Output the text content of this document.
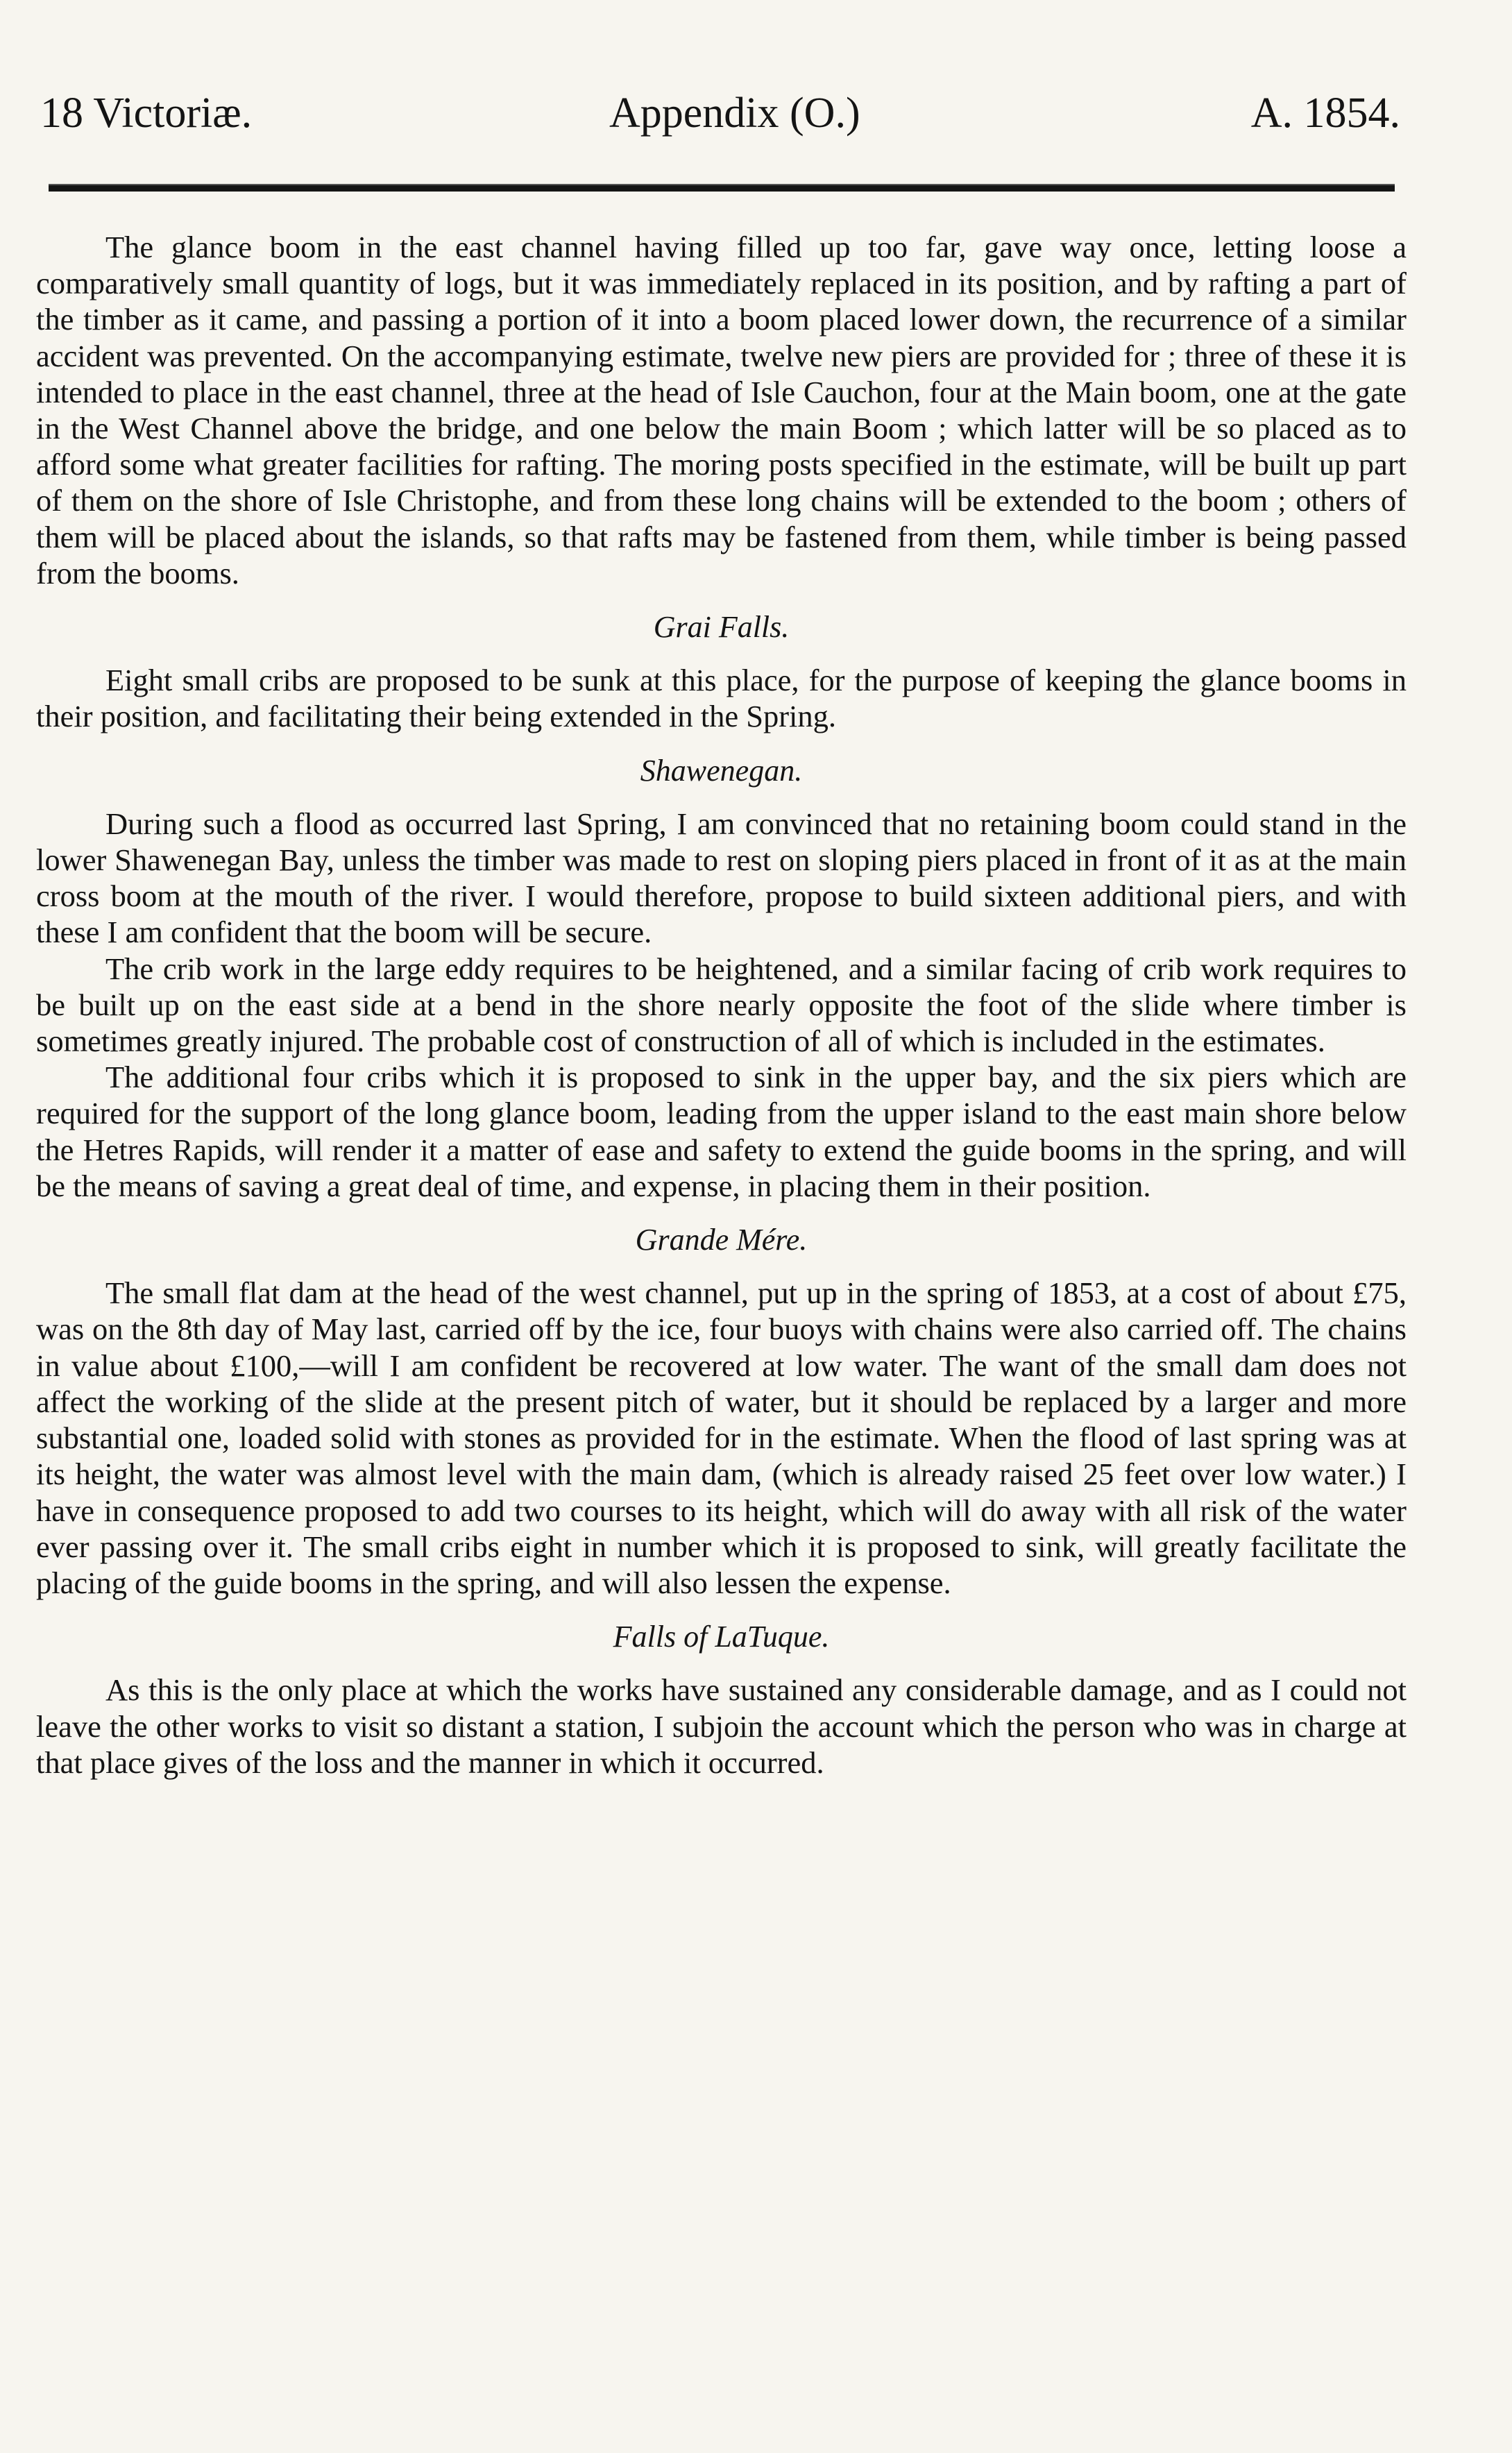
18 Victoriæ.	Appendix (O.)	A. 1854.

The glance boom in the east channel having filled up too far, gave way once, letting loose a comparatively small quantity of logs, but it was immediately replaced in its position, and by rafting a part of the timber as it came, and passing a portion of it into a boom placed lower down, the recurrence of a similar accident was prevented. On the accompanying estimate, twelve new piers are provided for ; three of these it is intended to place in the east channel, three at the head of Isle Cauchon, four at the Main boom, one at the gate in the West Channel above the bridge, and one below the main Boom ; which latter will be so placed as to afford some what greater facilities for rafting. The moring posts specified in the estimate, will be built up part of them on the shore of Isle Christophe, and from these long chains will be extended to the boom ; others of them will be placed about the islands, so that rafts may be fastened from them, while timber is being passed from the booms.

Grai Falls.

Eight small cribs are proposed to be sunk at this place, for the purpose of keeping the glance booms in their position, and facilitating their being extended in the Spring.

Shawenegan.

During such a flood as occurred last Spring, I am convinced that no retaining boom could stand in the lower Shawenegan Bay, unless the timber was made to rest on sloping piers placed in front of it as at the main cross boom at the mouth of the river. I would therefore, propose to build sixteen additional piers, and with these I am confident that the boom will be secure.

The crib work in the large eddy requires to be heightened, and a similar facing of crib work requires to be built up on the east side at a bend in the shore nearly opposite the foot of the slide where timber is sometimes greatly injured. The probable cost of construction of all of which is included in the estimates.

The additional four cribs which it is proposed to sink in the upper bay, and the six piers which are required for the support of the long glance boom, leading from the upper island to the east main shore below the Hetres Rapids, will render it a matter of ease and safety to extend the guide booms in the spring, and will be the means of saving a great deal of time, and expense, in placing them in their position.

Grande Mére.

The small flat dam at the head of the west channel, put up in the spring of 1853, at a cost of about £75, was on the 8th day of May last, carried off by the ice, four buoys with chains were also carried off. The chains in value about £100,—will I am confident be recovered at low water. The want of the small dam does not affect the working of the slide at the present pitch of water, but it should be replaced by a larger and more substantial one, loaded solid with stones as provided for in the estimate. When the flood of last spring was at its height, the water was almost level with the main dam, (which is already raised 25 feet over low water.) I have in consequence proposed to add two courses to its height, which will do away with all risk of the water ever passing over it. The small cribs eight in number which it is proposed to sink, will greatly facilitate the placing of the guide booms in the spring, and will also lessen the expense.

Falls of LaTuque.

As this is the only place at which the works have sustained any considerable damage, and as I could not leave the other works to visit so distant a station, I subjoin the account which the person who was in charge at that place gives of the loss and the manner in which it occurred.
